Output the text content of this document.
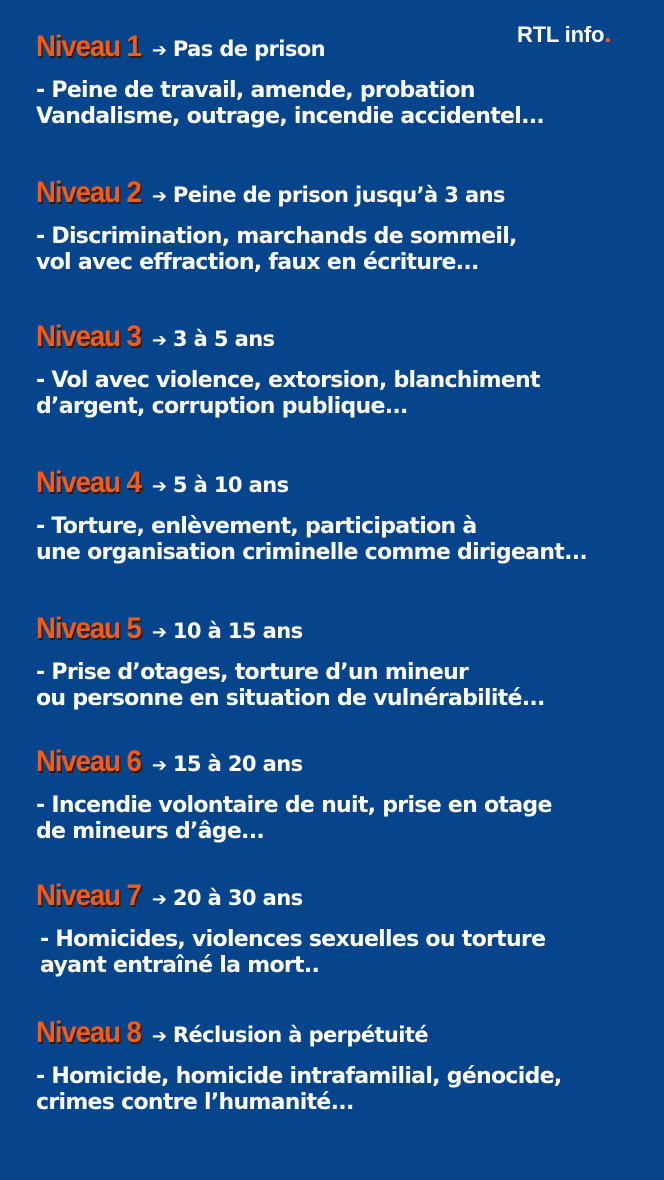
RTL info.
Niveau 1 ➔ Pas de prison
- Peine de travail, amende, probation
Vandalisme, outrage, incendie accidentel...
Niveau 2 ➔ Peine de prison jusqu’à 3 ans
- Discrimination, marchands de sommeil,
vol avec effraction, faux en écriture...
Niveau 3 ➔ 3 à 5 ans
- Vol avec violence, extorsion, blanchiment
d’argent, corruption publique...
Niveau 4 ➔ 5 à 10 ans
- Torture, enlèvement, participation à
une organisation criminelle comme dirigeant...
Niveau 5 ➔ 10 à 15 ans
- Prise d’otages, torture d’un mineur
ou personne en situation de vulnérabilité...
Niveau 6 ➔ 15 à 20 ans
- Incendie volontaire de nuit, prise en otage
de mineurs d’âge...
Niveau 7 ➔ 20 à 30 ans
- Homicides, violences sexuelles ou torture
ayant entraîné la mort..
Niveau 8 ➔ Réclusion à perpétuité
- Homicide, homicide intrafamilial, génocide,
crimes contre l’humanité...
